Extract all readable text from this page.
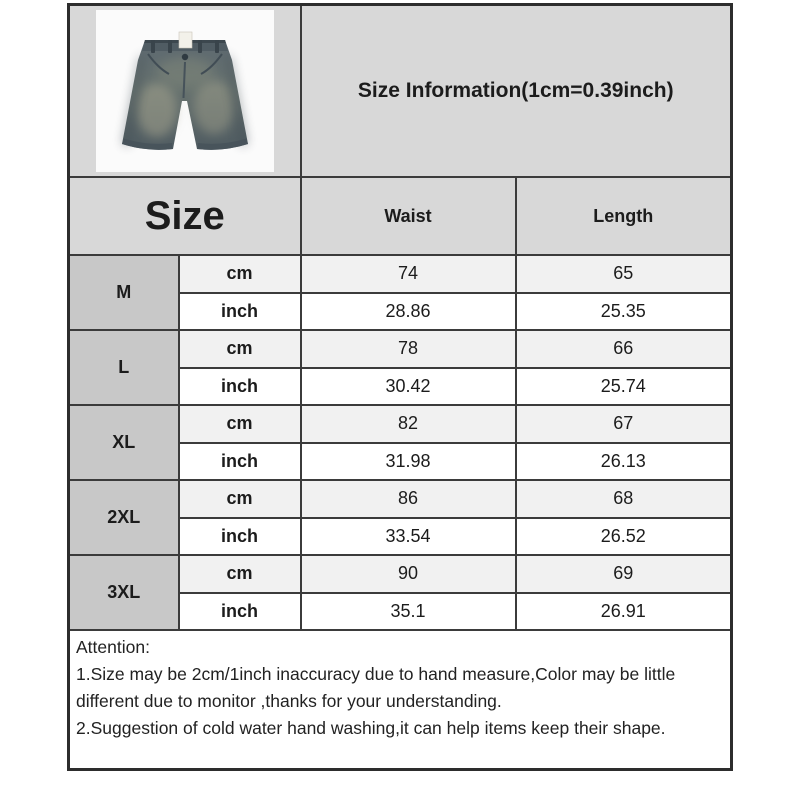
	Size Information(1cm=0.39inch)	
Size		Waist	Length
M	cm	74	65
	inch	28.86	25.35
L	cm	78	66
	inch	30.42	25.74
XL	cm	82	67
	inch	31.98	26.13
2XL	cm	86	68
	inch	33.54	26.52
3XL	cm	90	69
	inch	35.1	26.91

Attention:
1.Size may be 2cm/1inch inaccuracy due to hand measure,Color may be little different due to monitor ,thanks for your understanding.
2.Suggestion of cold water hand washing,it can help items keep their shape.			
